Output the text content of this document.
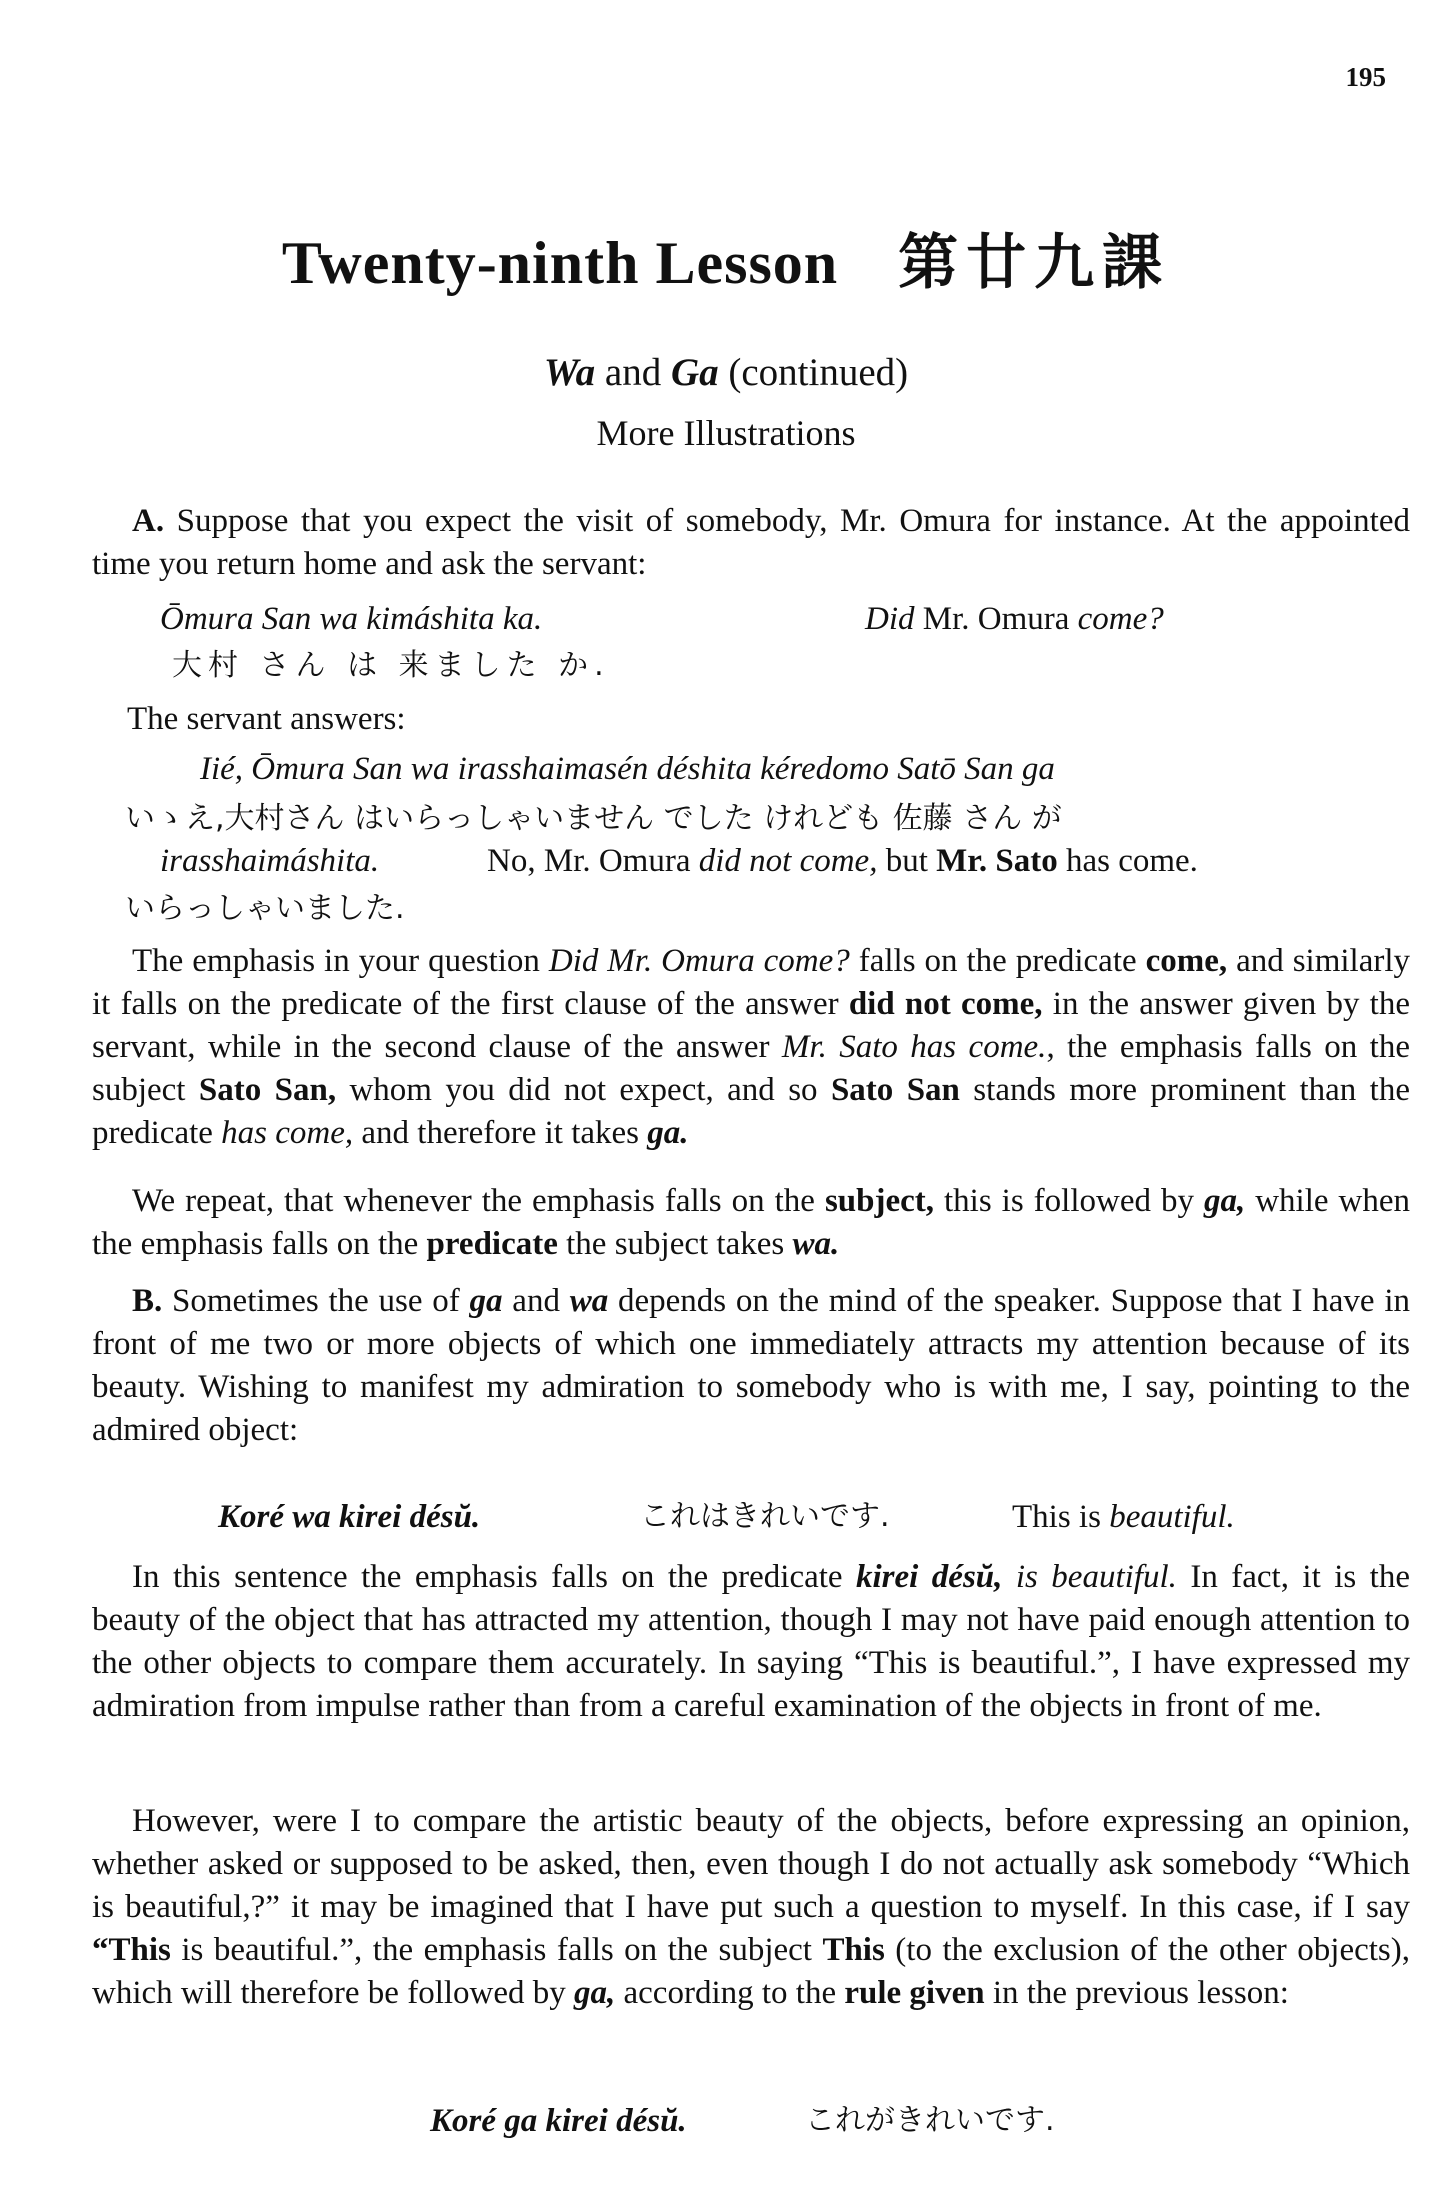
195
Twenty-ninth Lesson 第廿九課
Wa and Ga (continued)
More Illustrations
A. Suppose that you expect the visit of somebody, Mr. Omura for instance. At the appointed time you return home and ask the servant:
Ōmura San wa kimáshita ka.	Did Mr. Omura come?
大村 さん は 来ました か.
The servant answers:
Iié, Ōmura San wa irasshaimasén déshita kéredomo Satō San ga
いゝえ,大村さん はいらっしゃいません でした けれども 佐藤 さん が
irasshaimáshita.	No, Mr. Omura did not come, but Mr. Sato has come.
いらっしゃいました.
The emphasis in your question Did Mr. Omura come? falls on the predicate come, and similarly it falls on the predicate of the first clause of the answer did not come, in the answer given by the servant, while in the second clause of the answer Mr. Sato has come., the emphasis falls on the subject Sato San, whom you did not expect, and so Sato San stands more prominent than the predicate has come, and therefore it takes ga.
We repeat, that whenever the emphasis falls on the subject, this is followed by ga, while when the emphasis falls on the predicate the subject takes wa.
B. Sometimes the use of ga and wa depends on the mind of the speaker. Suppose that I have in front of me two or more objects of which one immediately attracts my attention because of its beauty. Wishing to manifest my admiration to somebody who is with me, I say, pointing to the admired object:
Koré wa kirei désŭ.	これはきれいです.	This is beautiful.
In this sentence the emphasis falls on the predicate kirei désŭ, is beautiful. In fact, it is the beauty of the object that has attracted my attention, though I may not have paid enough attention to the other objects to compare them accurately. In saying “This is beautiful.”, I have expressed my admiration from impulse rather than from a careful examination of the objects in front of me.
However, were I to compare the artistic beauty of the objects, before expressing an opinion, whether asked or supposed to be asked, then, even though I do not actually ask somebody “Which is beautiful,?” it may be imagined that I have put such a question to myself. In this case, if I say “This is beautiful.”, the emphasis falls on the subject This (to the exclusion of the other objects), which will therefore be followed by ga, according to the rule given in the previous lesson:
Koré ga kirei désŭ.	これがきれいです.
